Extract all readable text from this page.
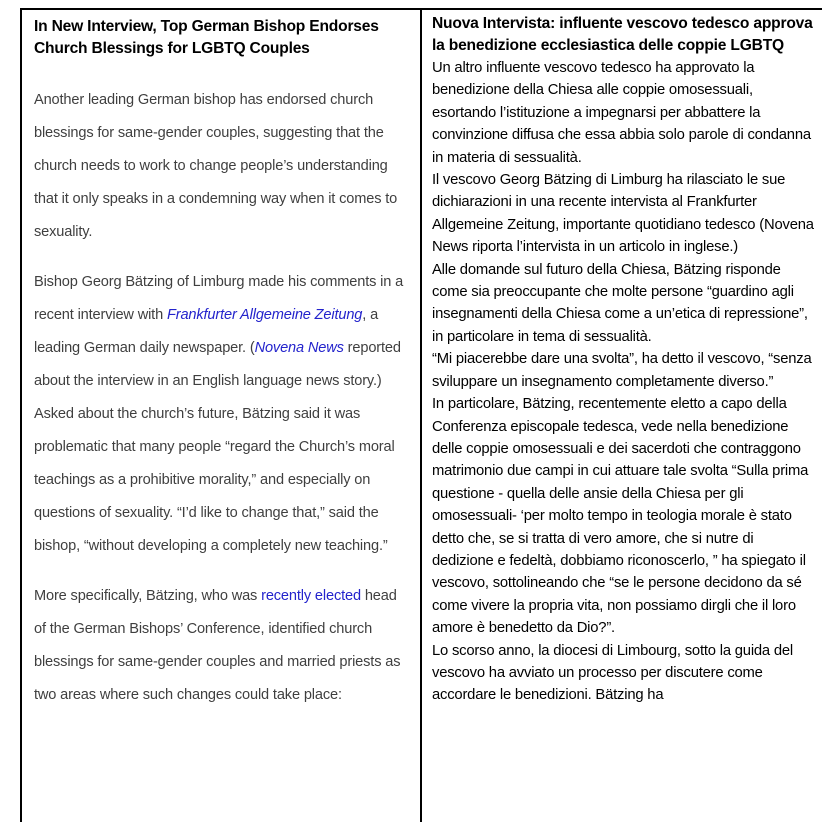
In New Interview, Top German Bishop Endorses Church Blessings for LGBTQ Couples

Another leading German bishop has endorsed church blessings for same-gender couples, suggesting that the church needs to work to change people’s understanding that it only speaks in a condemning way when it comes to sexuality.

Bishop Georg Bätzing of Limburg made his comments in a recent interview with Frankfurter Allgemeine Zeitung, a leading German daily newspaper. (Novena News reported about the interview in an English language news story.) Asked about the church’s future, Bätzing said it was problematic that many people “regard the Church’s moral teachings as a prohibitive morality,” and especially on questions of sexuality. “I’d like to change that,” said the bishop, “without developing a completely new teaching.”

More specifically, Bätzing, who was recently elected head of the German Bishops’ Conference, identified church blessings for same-gender couples and married priests as two areas where such changes could take place:

Nuova Intervista: influente vescovo tedesco approva la benedizione ecclesiastica delle coppie LGBTQ

Un altro influente vescovo tedesco ha approvato la benedizione della Chiesa alle coppie omosessuali, esortando l’istituzione a impegnarsi per abbattere la convinzione diffusa che essa abbia solo parole di condanna in materia di sessualità.

Il vescovo Georg Bätzing di Limburg ha rilasciato le sue dichiarazioni in una recente intervista al Frankfurter Allgemeine Zeitung, importante quotidiano tedesco (Novena News riporta l’intervista in un articolo in inglese.)

Alle domande sul futuro della Chiesa, Bätzing risponde come sia preoccupante che molte persone “guardino agli insegnamenti della Chiesa come a un’etica di repressione”, in particolare in tema di sessualità.

“Mi piacerebbe dare una svolta”, ha detto il vescovo, “senza sviluppare un insegnamento completamente diverso.”

In particolare, Bätzing, recentemente eletto a capo della Conferenza episcopale tedesca, vede nella benedizione delle coppie omosessuali e dei sacerdoti che contraggono matrimonio due campi in cui attuare tale svolta “Sulla prima questione - quella delle ansie della Chiesa per gli omosessuali- ‘per molto tempo in teologia morale è stato detto che, se si tratta di vero amore, che si nutre di dedizione e fedeltà, dobbiamo riconoscerlo, ” ha spiegato il vescovo, sottolineando che “se le persone decidono da sé come vivere la propria vita, non possiamo dirgli che il loro amore è benedetto da Dio?”.

Lo scorso anno, la diocesi di Limbourg, sotto la guida del vescovo ha avviato un processo per discutere come accordare le benedizioni. Bätzing ha
